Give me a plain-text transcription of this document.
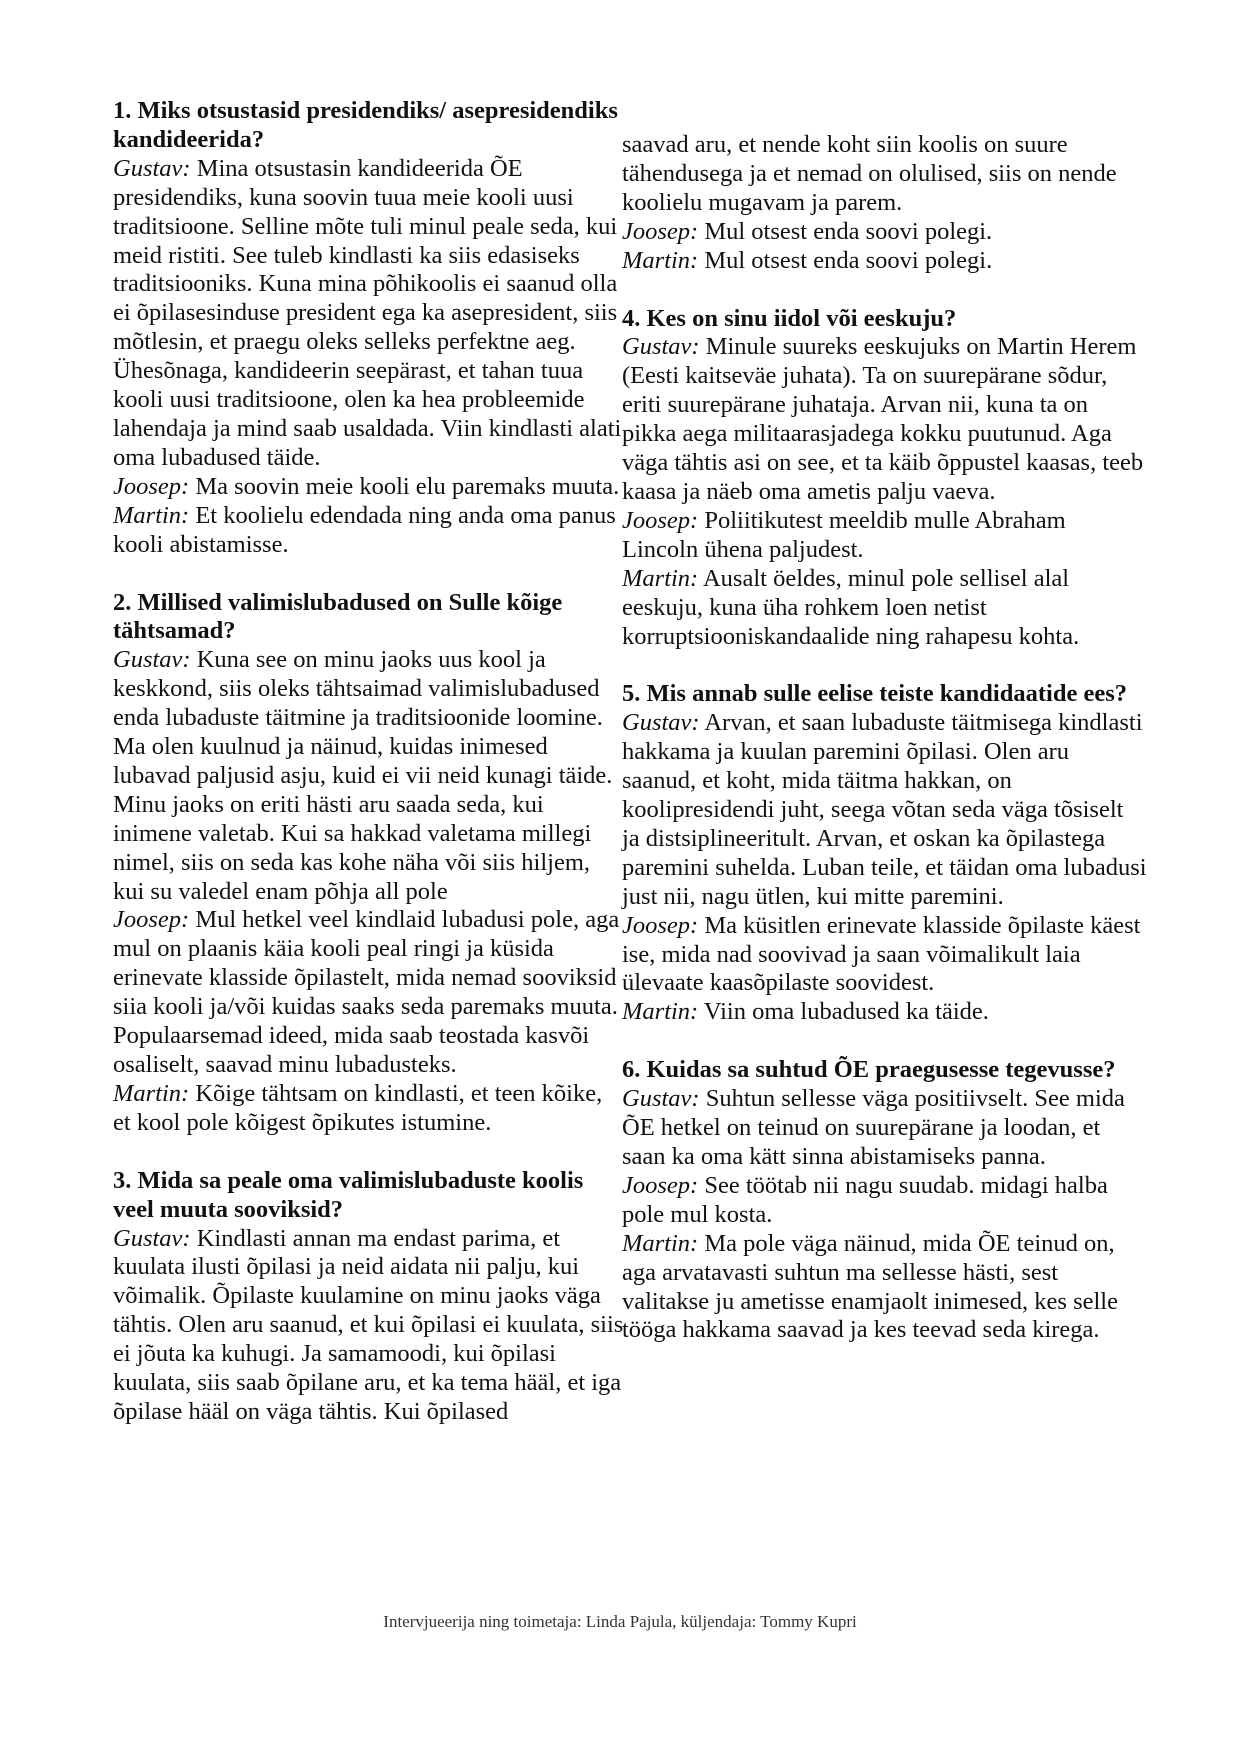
1. Miks otsustasid presidendiks/ asepresidendiks kandideerida?

Gustav: Mina otsustasin kandideerida ÕE presidendiks, kuna soovin tuua meie kooli uusi traditsioone. Selline mõte tuli minul peale seda, kui meid ristiti. See tuleb kindlasti ka siis edasiseks traditsiooniks. Kuna mina põhikoolis ei saanud olla ei õpilasesinduse president ega ka asepresident, siis mõtlesin, et praegu oleks selleks perfektne aeg. Ühesõnaga, kandideerin seepärast, et tahan tuua kooli uusi traditsioone, olen ka hea probleemide lahendaja ja mind saab usaldada. Viin kindlasti alati oma lubadused täide.

Joosep: Ma soovin meie kooli elu paremaks muuta.

Martin: Et koolielu edendada ning anda oma panus kooli abistamisse.

2. Millised valimislubadused on Sulle kõige tähtsamad?

Gustav: Kuna see on minu jaoks uus kool ja keskkond, siis oleks tähtsaimad valimislubadused enda lubaduste täitmine ja traditsioonide loomine. Ma olen kuulnud ja näinud, kuidas inimesed lubavad paljusid asju, kuid ei vii neid kunagi täide. Minu jaoks on eriti hästi aru saada seda, kui inimene valetab. Kui sa hakkad valetama millegi nimel, siis on seda kas kohe näha või siis hiljem, kui su valedel enam põhja all pole

Joosep: Mul hetkel veel kindlaid lubadusi pole, aga mul on plaanis käia kooli peal ringi ja küsida erinevate klasside õpilastelt, mida nemad sooviksid siia kooli ja/või kuidas saaks seda paremaks muuta. Populaarsemad ideed, mida saab teostada kasvõi osaliselt, saavad minu lubadusteks.

Martin: Kõige tähtsam on kindlasti, et teen kõike, et kool pole kõigest õpikutes istumine.

3. Mida sa peale oma valimislubaduste koolis veel muuta sooviksid?

Gustav: Kindlasti annan ma endast parima, et kuulata ilusti õpilasi ja neid aidata nii palju, kui võimalik. Õpilaste kuulamine on minu jaoks väga tähtis. Olen aru saanud, et kui õpilasi ei kuulata, siis ei jõuta ka kuhugi. Ja samamoodi, kui õpilasi kuulata, siis saab õpilane aru, et ka tema hääl, et iga õpilase hääl on väga tähtis. Kui õpilased

saavad aru, et nende koht siin koolis on suure tähendusega ja et nemad on olulised, siis on nende koolielu mugavam ja parem.

Joosep: Mul otsest enda soovi polegi.

Martin: Mul otsest enda soovi polegi.

4. Kes on sinu iidol või eeskuju?

Gustav: Minule suureks eeskujuks on Martin Herem (Eesti kaitseväe juhata). Ta on suurepärane sõdur, eriti suurepärane juhataja. Arvan nii, kuna ta on pikka aega militaarasjadega kokku puutunud. Aga väga tähtis asi on see, et ta käib õppustel kaasas, teeb kaasa ja näeb oma ametis palju vaeva.

Joosep: Poliitikutest meeldib mulle Abraham Lincoln ühena paljudest.

Martin: Ausalt öeldes, minul pole sellisel alal eeskuju, kuna üha rohkem loen netist korruptsiooniskandaalide ning rahapesu kohta.

5. Mis annab sulle eelise teiste kandidaatide ees?

Gustav: Arvan, et saan lubaduste täitmisega kindlasti hakkama ja kuulan paremini õpilasi. Olen aru saanud, et koht, mida täitma hakkan, on koolipresidendi juht, seega võtan seda väga tõsiselt ja distsiplineeritult. Arvan, et oskan ka õpilastega paremini suhelda. Luban teile, et täidan oma lubadusi just nii, nagu ütlen, kui mitte paremini.

Joosep: Ma küsitlen erinevate klasside õpilaste käest ise, mida nad soovivad ja saan võimalikult laia ülevaate kaasõpilaste soovidest.

Martin: Viin oma lubadused ka täide.

6. Kuidas sa suhtud ÕE praegusesse tegevusse?

Gustav: Suhtun sellesse väga positiivselt. See mida ÕE hetkel on teinud on suurepärane ja loodan, et saan ka oma kätt sinna abistamiseks panna.

Joosep: See töötab nii nagu suudab. midagi halba pole mul kosta.

Martin: Ma pole väga näinud, mida ÕE teinud on, aga arvatavasti suhtun ma sellesse hästi, sest valitakse ju ametisse enamjaolt inimesed, kes selle tööga hakkama saavad ja kes teevad seda kirega.

Intervjueerija ning toimetaja: Linda Pajula, küljendaja: Tommy Kupri
